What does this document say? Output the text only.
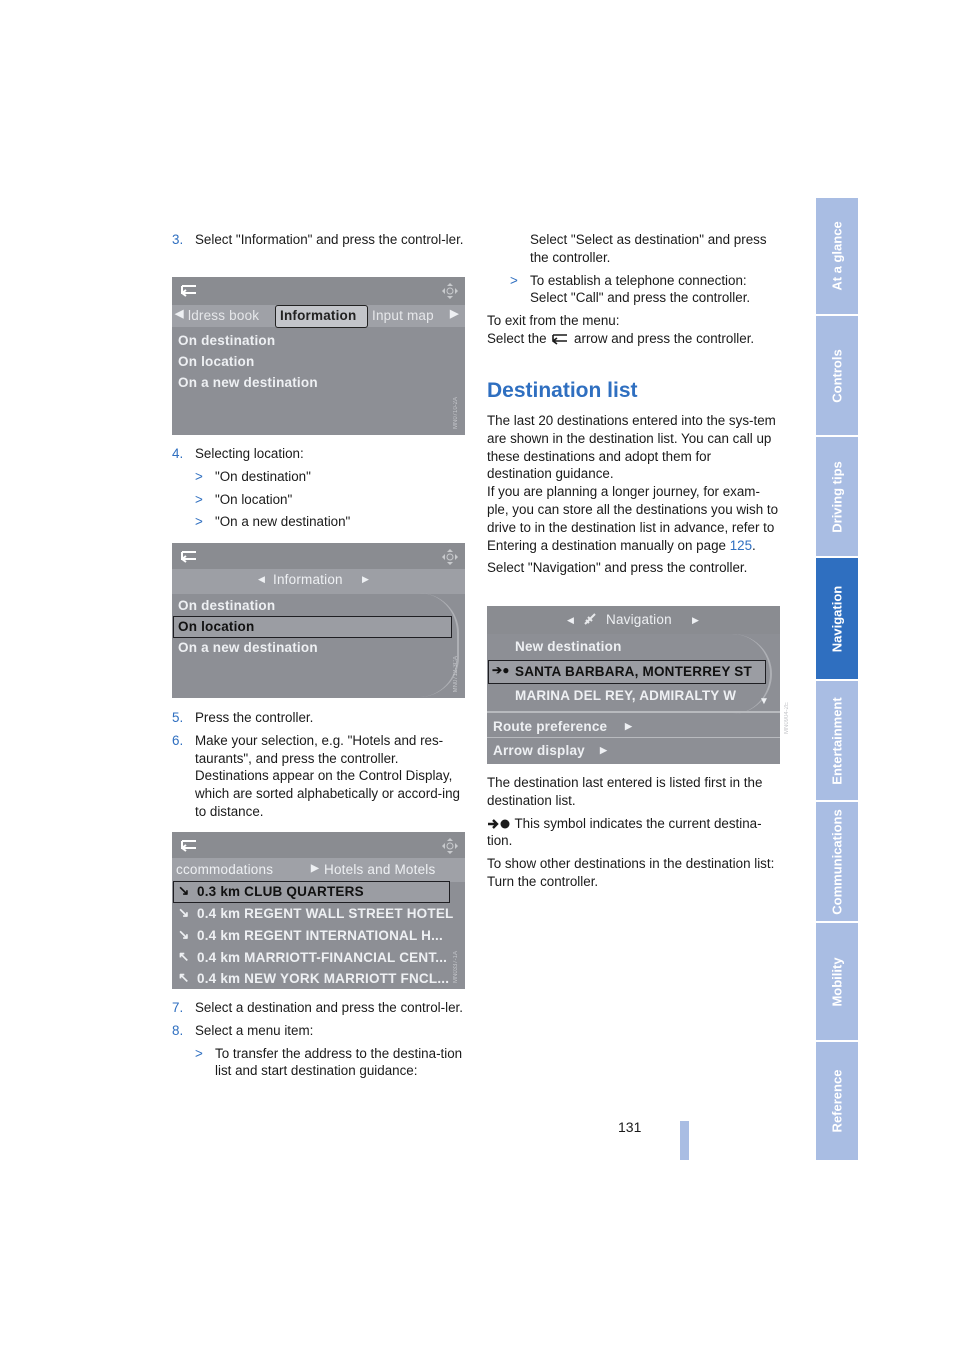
3. Select "Information" and press the control-ler.

◀ ldress book Information Input map ▶
On destination
On location
On a new destination
MN0710-2A
4. Selecting location:

> "On destination"

> "On location"

> "On a new destination"

◀ Information ▶
On destination
On location
On a new destination
MN0712-3CA
5. Press the controller.

6. Make your selection, e.g. "Hotels and res-taurants", and press the controller. Destinations appear on the Control Display, which are sorted alphabetically or accord-ing to distance.

ccommodations	▶ Hotels and Motels
↘ 0.3 km CLUB QUARTERS
↘ 0.4 km REGENT WALL STREET HOTEL
↘ 0.4 km REGENT INTERNATIONAL H...
↖ 0.4 km MARRIOTT-FINANCIAL CENT...
↖ 0.4 km NEW YORK MARRIOTT FNCL... MN0337-1A
7. Select a destination and press the control-ler.

8. Select a menu item:

> To transfer the address to the destina-tion list and start destination guidance:

Select "Select as destination" and press the controller.

> To establish a telephone connection: Select "Call" and press the controller.

To exit from the menu:

Select the arrow and press the controller.

Destination list

The last 20 destinations entered into the sys-tem are shown in the destination list. You can call up these destinations and adopt them for destination guidance.

If you are planning a longer journey, for exam-ple, you can store all the destinations you wish to drive to in the destination list in advance, refer to Entering a destination manually on page 125.

Select "Navigation" and press the controller.

◀ Navigation ▶
New destination
➔● SANTA BARBARA, MONTERREY ST
MARINA DEL REY, ADMIRALTY W ▼
Route preference ▶
Arrow display ▶
MN0904-2E

The destination last entered is listed first in the destination list.

This symbol indicates the current destina-tion.

To show other destinations in the destination list:

Turn the controller.

At a glance
Controls
Driving tips
Navigation
Entertainment
Communications
Mobility
Reference
131
